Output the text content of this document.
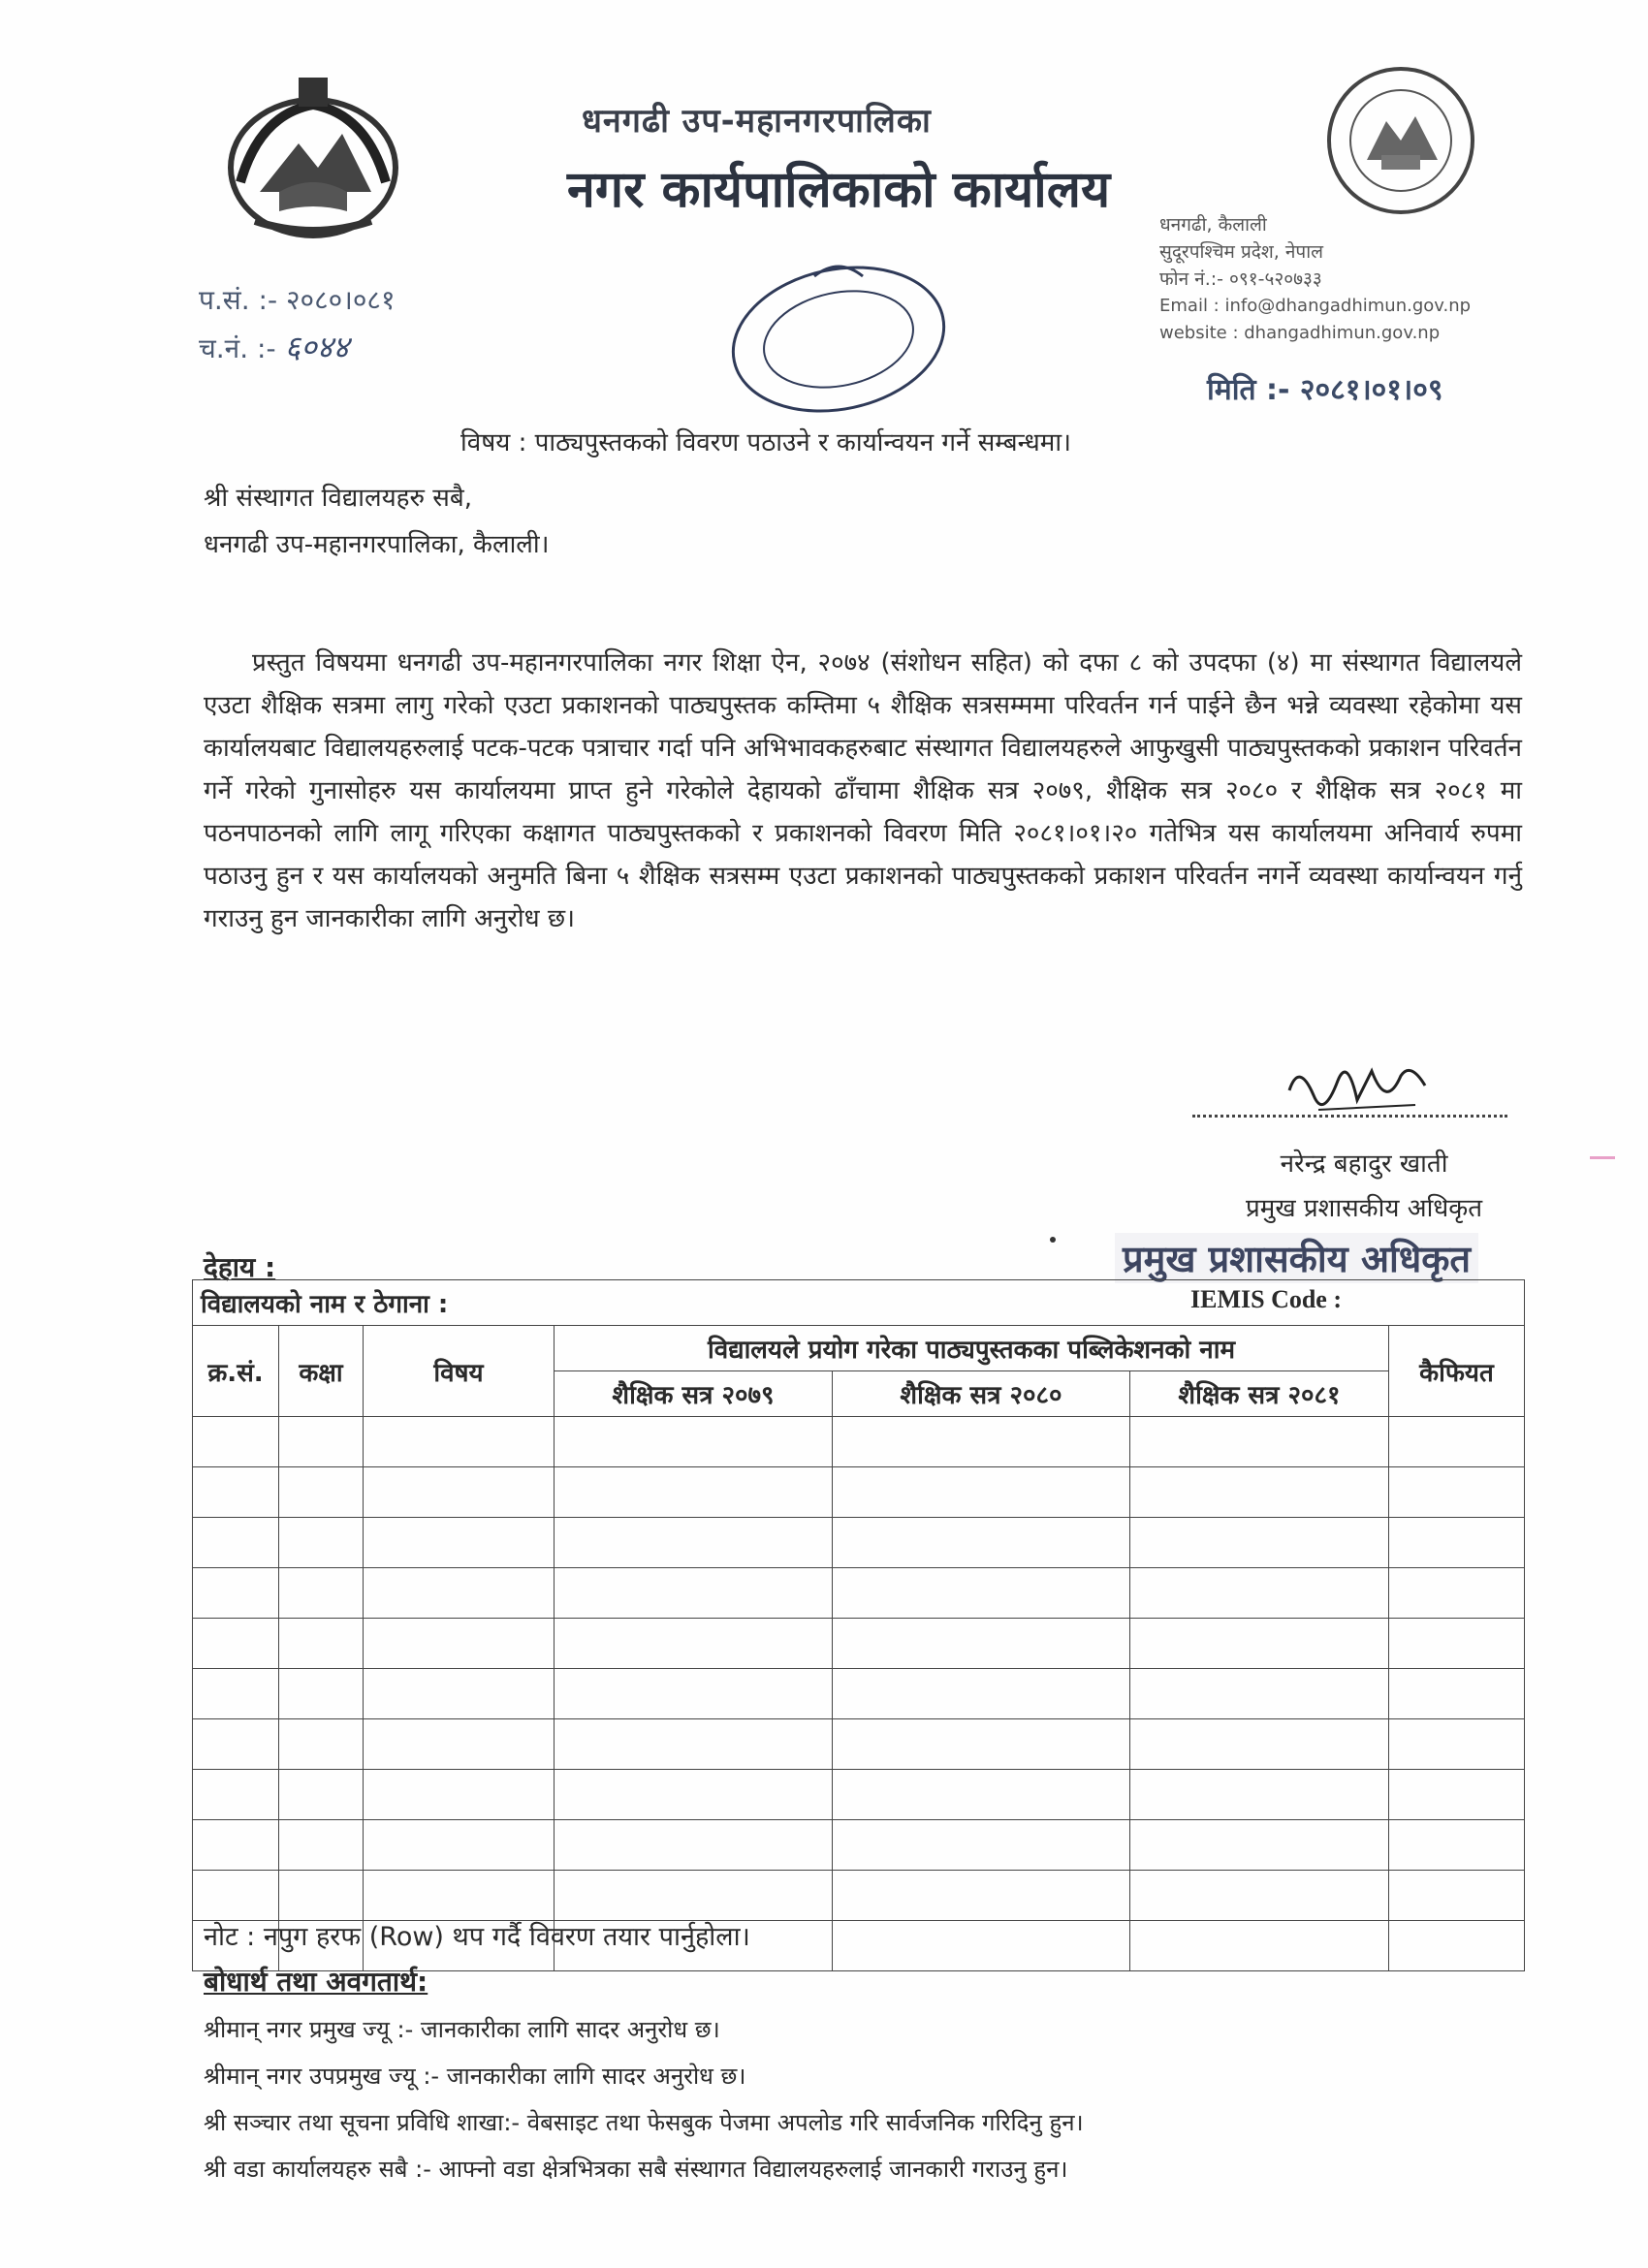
धनगढी उप-महानगरपालिका
नगर कार्यपालिकाको कार्यालय
धनगढी, कैलाली
सुदूरपश्चिम प्रदेश, नेपाल
फोन नं.:- ०९१-५२०७३३
Email : info@dhangadhimun.gov.np
website : dhangadhimun.gov.np
प.सं. :- २०८०।०८१
च.नं. :- ६०४४
मिति :- २०८१।०१।०९
विषय : पाठ्यपुस्तकको विवरण पठाउने र कार्यान्वयन गर्ने सम्बन्धमा।
श्री संस्थागत विद्यालयहरु सबै,
धनगढी उप-महानगरपालिका, कैलाली।

प्रस्तुत विषयमा धनगढी उप-महानगरपालिका नगर शिक्षा ऐन, २०७४ (संशोधन सहित) को दफा ८ को उपदफा (४) मा संस्थागत विद्यालयले एउटा शैक्षिक सत्रमा लागु गरेको एउटा प्रकाशनको पाठ्यपुस्तक कम्तिमा ५ शैक्षिक सत्रसम्ममा परिवर्तन गर्न पाईने छैन भन्ने व्यवस्था रहेकोमा यस कार्यालयबाट विद्यालयहरुलाई पटक-पटक पत्राचार गर्दा पनि अभिभावकहरुबाट संस्थागत विद्यालयहरुले आफुखुसी पाठ्यपुस्तकको प्रकाशन परिवर्तन गर्ने गरेको गुनासोहरु यस कार्यालयमा प्राप्त हुने गरेकोले देहायको ढाँचामा शैक्षिक सत्र २०७९, शैक्षिक सत्र २०८० र शैक्षिक सत्र २०८१ मा पठनपाठनको लागि लागू गरिएका कक्षागत पाठ्यपुस्तकको र प्रकाशनको विवरण मिति २०८१।०१।२० गतेभित्र यस कार्यालयमा अनिवार्य रुपमा पठाउनु हुन र यस कार्यालयको अनुमति बिना ५ शैक्षिक सत्रसम्म एउटा प्रकाशनको पाठ्यपुस्तकको प्रकाशन परिवर्तन नगर्ने व्यवस्था कार्यान्वयन गर्नु गराउनु हुन जानकारीका लागि अनुरोध छ।

नरेन्द्र बहादुर खाती
प्रमुख प्रशासकीय अधिकृत
प्रमुख प्रशासकीय अधिकृत
देहाय :
विद्यालयको नाम र ठेगाना : IEMIS Code :						

क्र.सं.	कक्षा	विषय	विद्यालयले प्रयोग गरेका पाठ्यपुस्तकका पब्लिकेशनको नाम			कैफियत
			शैक्षिक सत्र २०७९	शैक्षिक सत्र २०८०	शैक्षिक सत्र २०८१	

नोट : नपुग हरफ (Row) थप गर्दै विवरण तयार पार्नुहोला।
बोधार्थ तथा अवगतार्थ:
श्रीमान् नगर प्रमुख ज्यू :- जानकारीका लागि सादर अनुरोध छ।
श्रीमान् नगर उपप्रमुख ज्यू :- जानकारीका लागि सादर अनुरोध छ।
श्री सञ्चार तथा सूचना प्रविधि शाखा:- वेबसाइट तथा फेसबुक पेजमा अपलोड गरि सार्वजनिक गरिदिनु हुन।
श्री वडा कार्यालयहरु सबै :- आफ्नो वडा क्षेत्रभित्रका सबै संस्थागत विद्यालयहरुलाई जानकारी गराउनु हुन।
